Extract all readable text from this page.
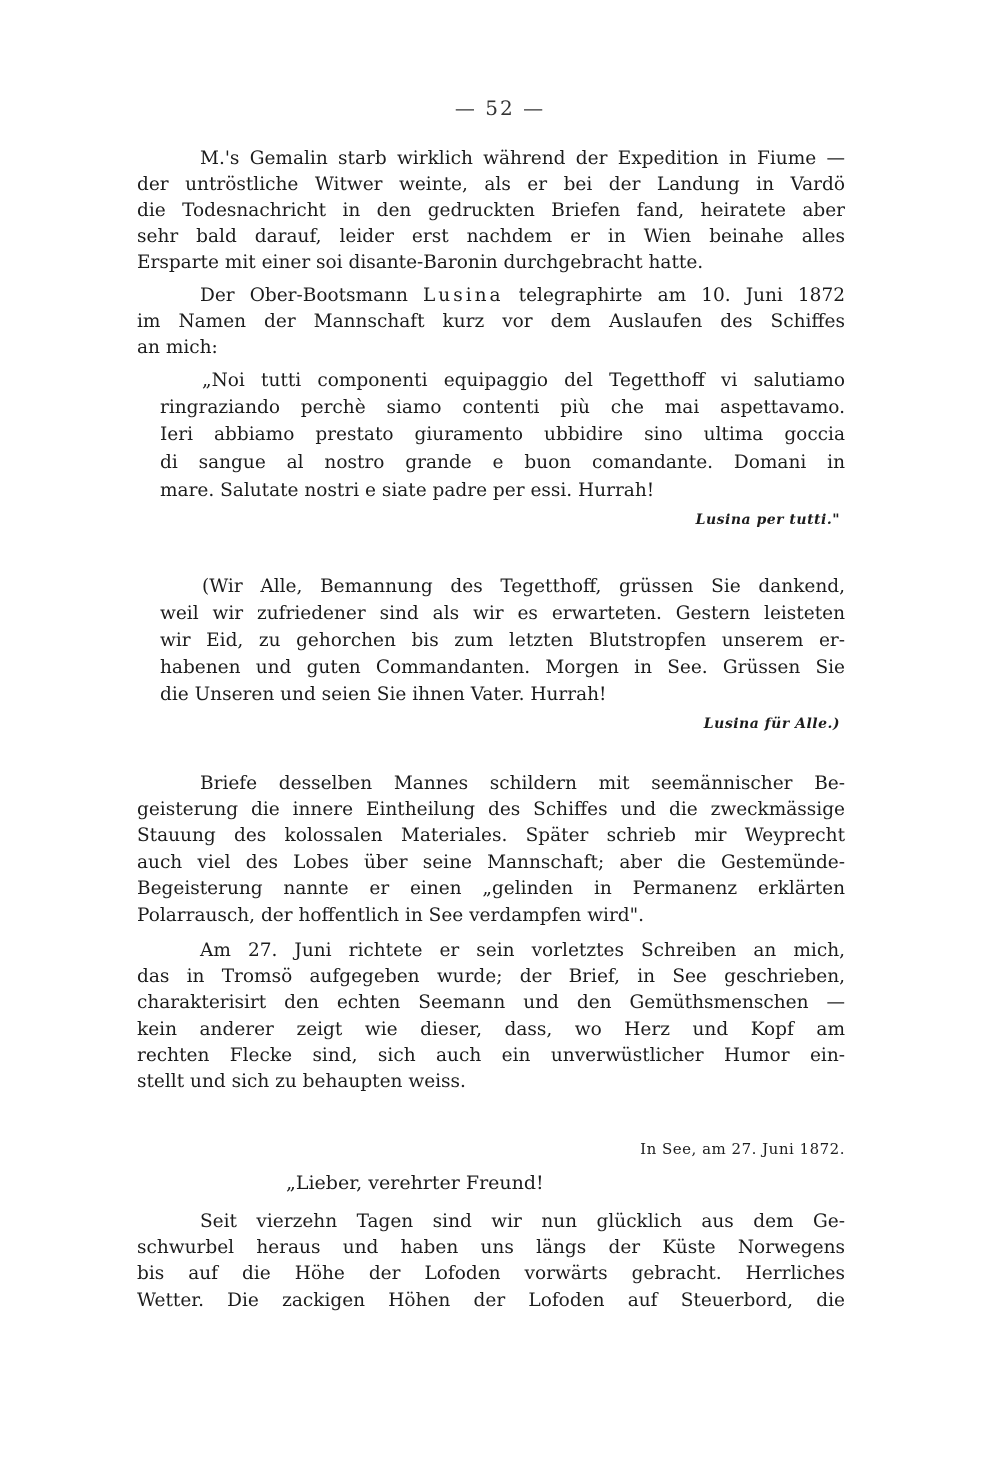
— 52 —
M.'s Gemalin starb wirklich während der Expedition in Fiume —
der untröstliche Witwer weinte, als er bei der Landung in Vardö
die Todesnachricht in den gedruckten Briefen fand, heiratete aber
sehr bald darauf, leider erst nachdem er in Wien beinahe alles
Ersparte mit einer soi disante-Baronin durchgebracht hatte.
Der Ober-Bootsmann Lusina telegraphirte am 10. Juni 1872
im Namen der Mannschaft kurz vor dem Auslaufen des Schiffes
an mich:
„Noi tutti componenti equipaggio del Tegetthoff vi salutiamo
ringraziando perchè siamo contenti più che mai aspettavamo.
Ieri abbiamo prestato giuramento ubbidire sino ultima goccia
di sangue al nostro grande e buon comandante. Domani in
mare. Salutate nostri e siate padre per essi. Hurrah!
Lusina per tutti."
(Wir Alle, Bemannung des Tegetthoff, grüssen Sie dankend,
weil wir zufriedener sind als wir es erwarteten. Gestern leisteten
wir Eid, zu gehorchen bis zum letzten Blutstropfen unserem er-
habenen und guten Commandanten. Morgen in See. Grüssen Sie
die Unseren und seien Sie ihnen Vater. Hurrah!
Lusina für Alle.)
Briefe desselben Mannes schildern mit seemännischer Be-
geisterung die innere Eintheilung des Schiffes und die zweckmässige
Stauung des kolossalen Materiales. Später schrieb mir Weyprecht
auch viel des Lobes über seine Mannschaft; aber die Gestemünde-
Begeisterung nannte er einen „gelinden in Permanenz erklärten
Polarrausch, der hoffentlich in See verdampfen wird".
Am 27. Juni richtete er sein vorletztes Schreiben an mich,
das in Tromsö aufgegeben wurde; der Brief, in See geschrieben,
charakterisirt den echten Seemann und den Gemüthsmenschen —
kein anderer zeigt wie dieser, dass, wo Herz und Kopf am
rechten Flecke sind, sich auch ein unverwüstlicher Humor ein-
stellt und sich zu behaupten weiss.
In See, am 27. Juni 1872.
„Lieber, verehrter Freund!
Seit vierzehn Tagen sind wir nun glücklich aus dem Ge-
schwurbel heraus und haben uns längs der Küste Norwegens
bis auf die Höhe der Lofoden vorwärts gebracht. Herrliches
Wetter. Die zackigen Höhen der Lofoden auf Steuerbord, die
